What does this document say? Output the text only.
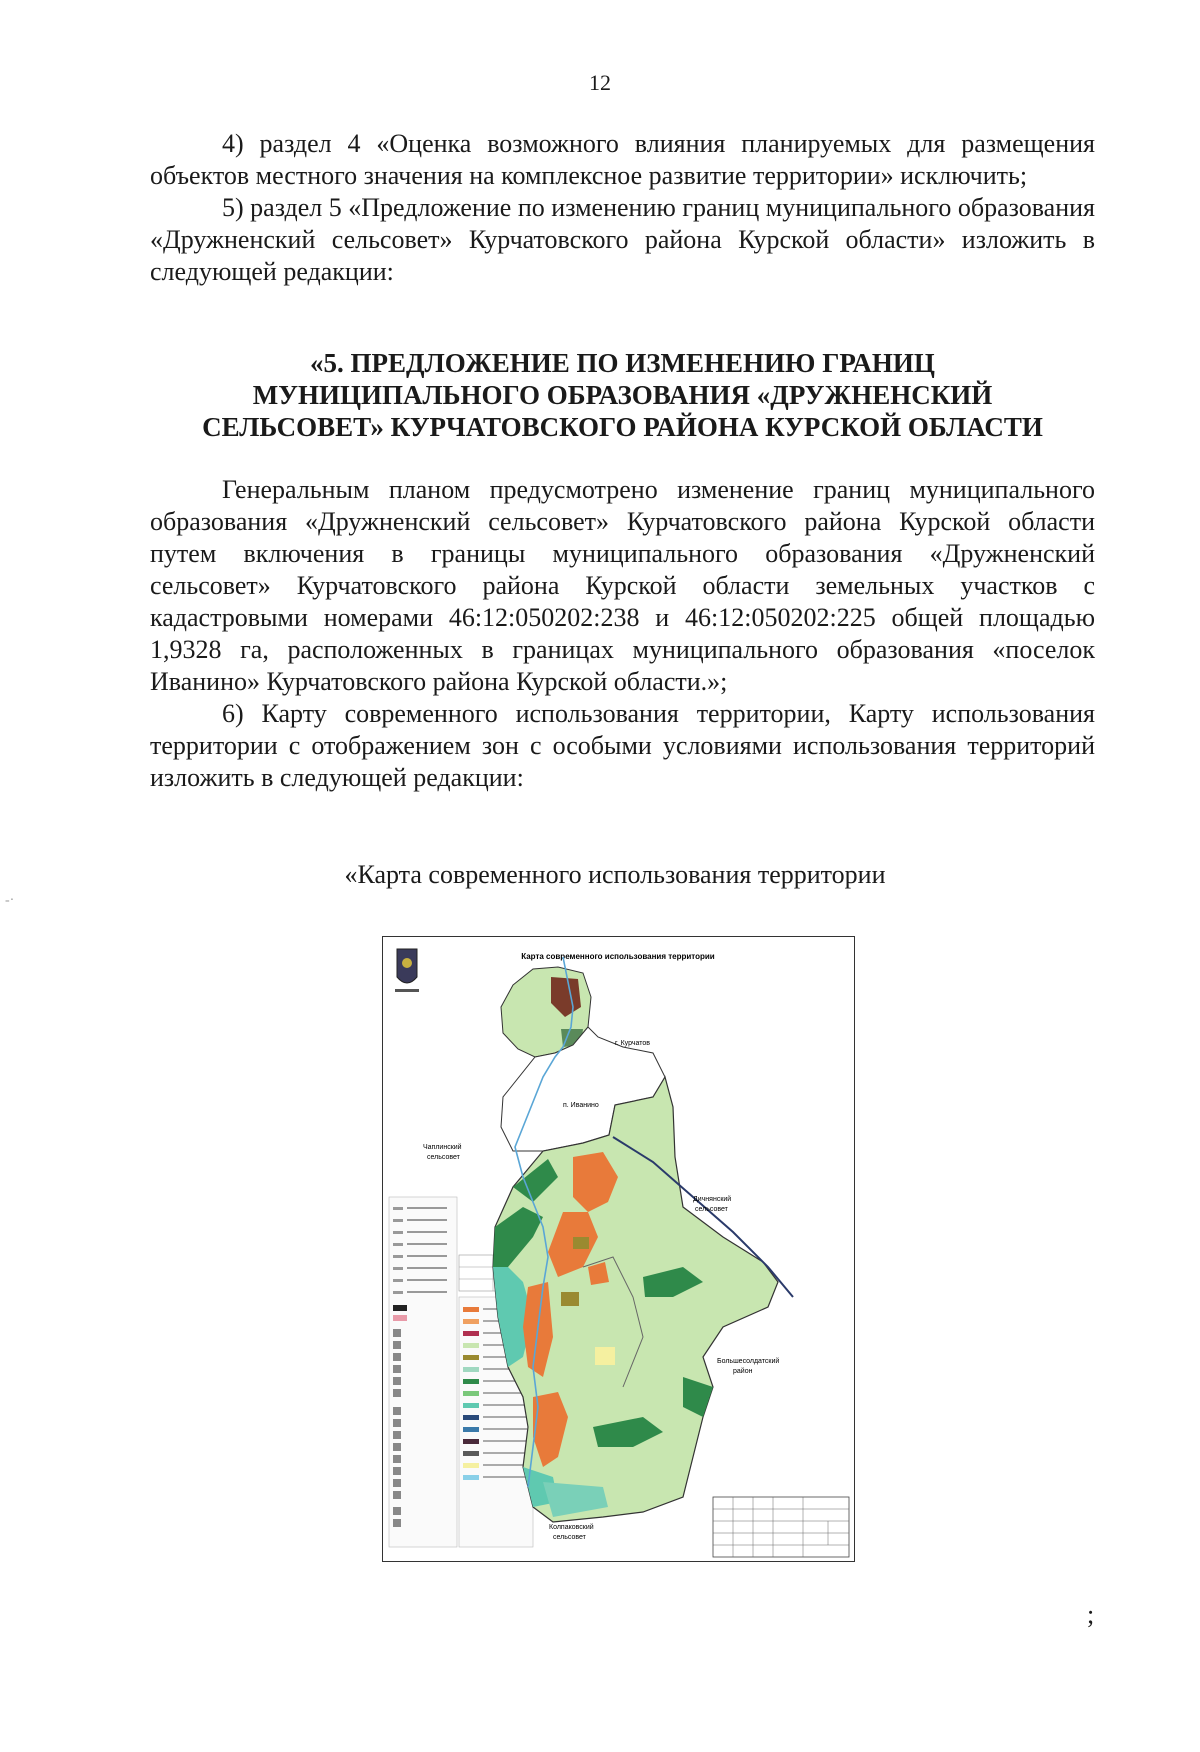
12

4) раздел 4 «Оценка возможного влияния планируемых для размещения объектов местного значения на комплексное развитие территории» исключить;

5) раздел 5 «Предложение по изменению границ муниципального образования «Дружненский сельсовет» Курчатовского района Курской области» изложить в следующей редакции:

«5. ПРЕДЛОЖЕНИЕ ПО ИЗМЕНЕНИЮ ГРАНИЦ
МУНИЦИПАЛЬНОГО ОБРАЗОВАНИЯ «ДРУЖНЕНСКИЙ
СЕЛЬСОВЕТ» КУРЧАТОВСКОГО РАЙОНА КУРСКОЙ ОБЛАСТИ

Генеральным планом предусмотрено изменение границ муниципального образования «Дружненский сельсовет» Курчатовского района Курской области путем включения в границы муниципального образования «Дружненский сельсовет» Курчатовского района Курской области земельных участков с кадастровыми номерами 46:12:050202:238 и 46:12:050202:225 общей площадью 1,9328 га, расположенных в границах муниципального образования «поселок Иванино» Курчатовского района Курской области.»;

6) Карту современного использования территории, Карту использования территории с отображением зон с особыми условиями использования территорий изложить в следующей редакции:

-·
«Карта современного использования территории
Карта современного использования территории
г. Курчатов
п. Иванино
Чаплинский
сельсовет
Дичнянский
сельсовет
Большесолдатский
район
Колпаковский
сельсовет
;
